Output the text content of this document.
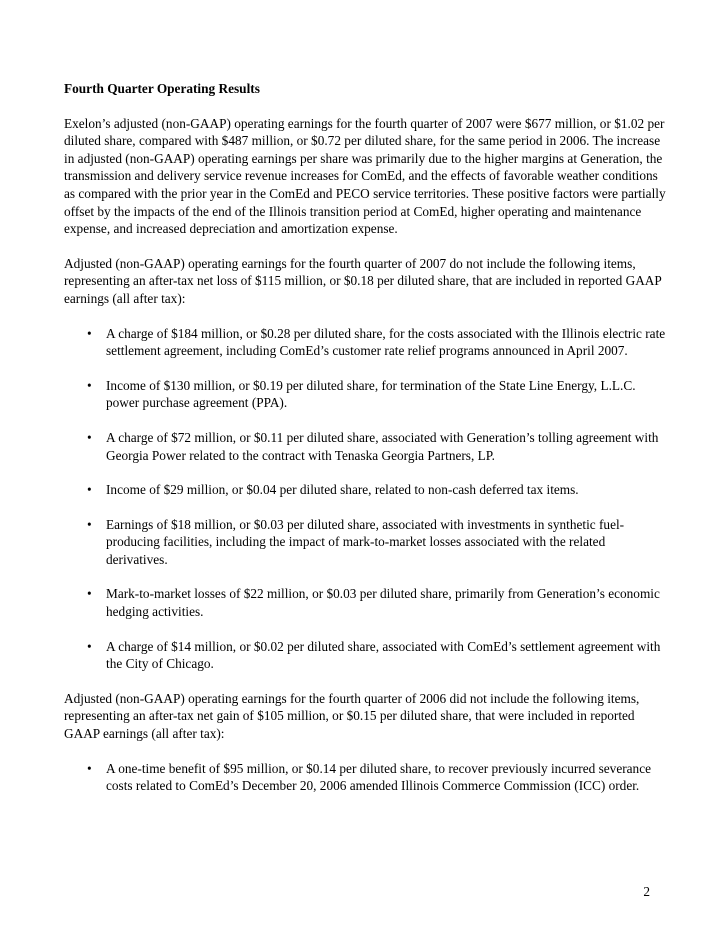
Fourth Quarter Operating Results

Exelon’s adjusted (non-GAAP) operating earnings for the fourth quarter of 2007 were $677 million, or $1.02 per diluted share, compared with $487 million, or $0.72 per diluted share, for the same period in 2006. The increase in adjusted (non-GAAP) operating earnings per share was primarily due to the higher margins at Generation, the transmission and delivery service revenue increases for ComEd, and the effects of favorable weather conditions as compared with the prior year in the ComEd and PECO service territories. These positive factors were partially offset by the impacts of the end of the Illinois transition period at ComEd, higher operating and maintenance expense, and increased depreciation and amortization expense.

Adjusted (non-GAAP) operating earnings for the fourth quarter of 2007 do not include the following items, representing an after-tax net loss of $115 million, or $0.18 per diluted share, that are included in reported GAAP earnings (all after tax):

• A charge of $184 million, or $0.28 per diluted share, for the costs associated with the Illinois electric rate settlement agreement, including ComEd’s customer rate relief programs announced in April 2007.
• Income of $130 million, or $0.19 per diluted share, for termination of the State Line Energy, L.L.C. power purchase agreement (PPA).
• A charge of $72 million, or $0.11 per diluted share, associated with Generation’s tolling agreement with Georgia Power related to the contract with Tenaska Georgia Partners, LP.
• Income of $29 million, or $0.04 per diluted share, related to non-cash deferred tax items.
• Earnings of $18 million, or $0.03 per diluted share, associated with investments in synthetic fuel-producing facilities, including the impact of mark-to-market losses associated with the related derivatives.
• Mark-to-market losses of $22 million, or $0.03 per diluted share, primarily from Generation’s economic hedging activities.
• A charge of $14 million, or $0.02 per diluted share, associated with ComEd’s settlement agreement with the City of Chicago.

Adjusted (non-GAAP) operating earnings for the fourth quarter of 2006 did not include the following items, representing an after-tax net gain of $105 million, or $0.15 per diluted share, that were included in reported GAAP earnings (all after tax):

• A one-time benefit of $95 million, or $0.14 per diluted share, to recover previously incurred severance costs related to ComEd’s December 20, 2006 amended Illinois Commerce Commission (ICC) order.
2
